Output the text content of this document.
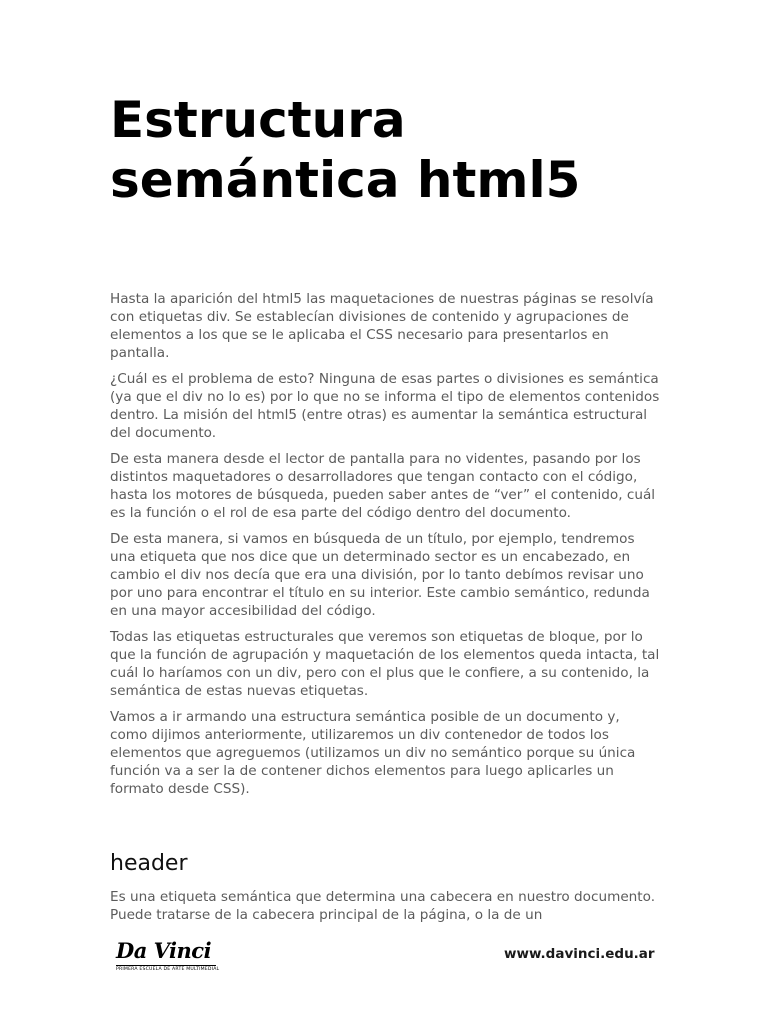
Estructura
semántica html5

Hasta la aparición del html5 las maquetaciones de nuestras páginas se resolvía con etiquetas div. Se establecían divisiones de contenido y agrupaciones de elementos a los que se le aplicaba el CSS necesario para presentarlos en pantalla.

¿Cuál es el problema de esto? Ninguna de esas partes o divisiones es semántica (ya que el div no lo es) por lo que no se informa el tipo de elementos contenidos dentro. La misión del html5 (entre otras) es aumentar la semántica estructural del documento.

De esta manera desde el lector de pantalla para no videntes, pasando por los distintos maquetadores o desarrolladores que tengan contacto con el código, hasta los motores de búsqueda, pueden saber antes de “ver” el contenido, cuál es la función o el rol de esa parte del código dentro del documento.

De esta manera, si vamos en búsqueda de un título, por ejemplo, tendremos una etiqueta que nos dice que un determinado sector es un encabezado, en cambio el div nos decía que era una división, por lo tanto debímos revisar uno por uno para encontrar el título en su interior. Este cambio semántico, redunda en una mayor accesibilidad del código.

Todas las etiquetas estructurales que veremos son etiquetas de bloque, por lo que la función de agrupación y maquetación de los elementos queda intacta, tal cuál lo haríamos con un div, pero con el plus que le confiere, a su contenido, la semántica de estas nuevas etiquetas.

Vamos a ir armando una estructura semántica posible de un documento y, como dijimos anteriormente, utilizaremos un div contenedor de todos los elementos que agreguemos (utilizamos un div no semántico porque su única función va a ser la de contener dichos elementos para luego aplicarles un formato desde CSS).

header

Es una etiqueta semántica que determina una cabecera en nuestro documento. Puede tratarse de la cabecera principal de la página, o la de un

Da Vinci
PRIMERA ESCUELA DE ARTE MULTIMEDIAL
www.davinci.edu.ar
